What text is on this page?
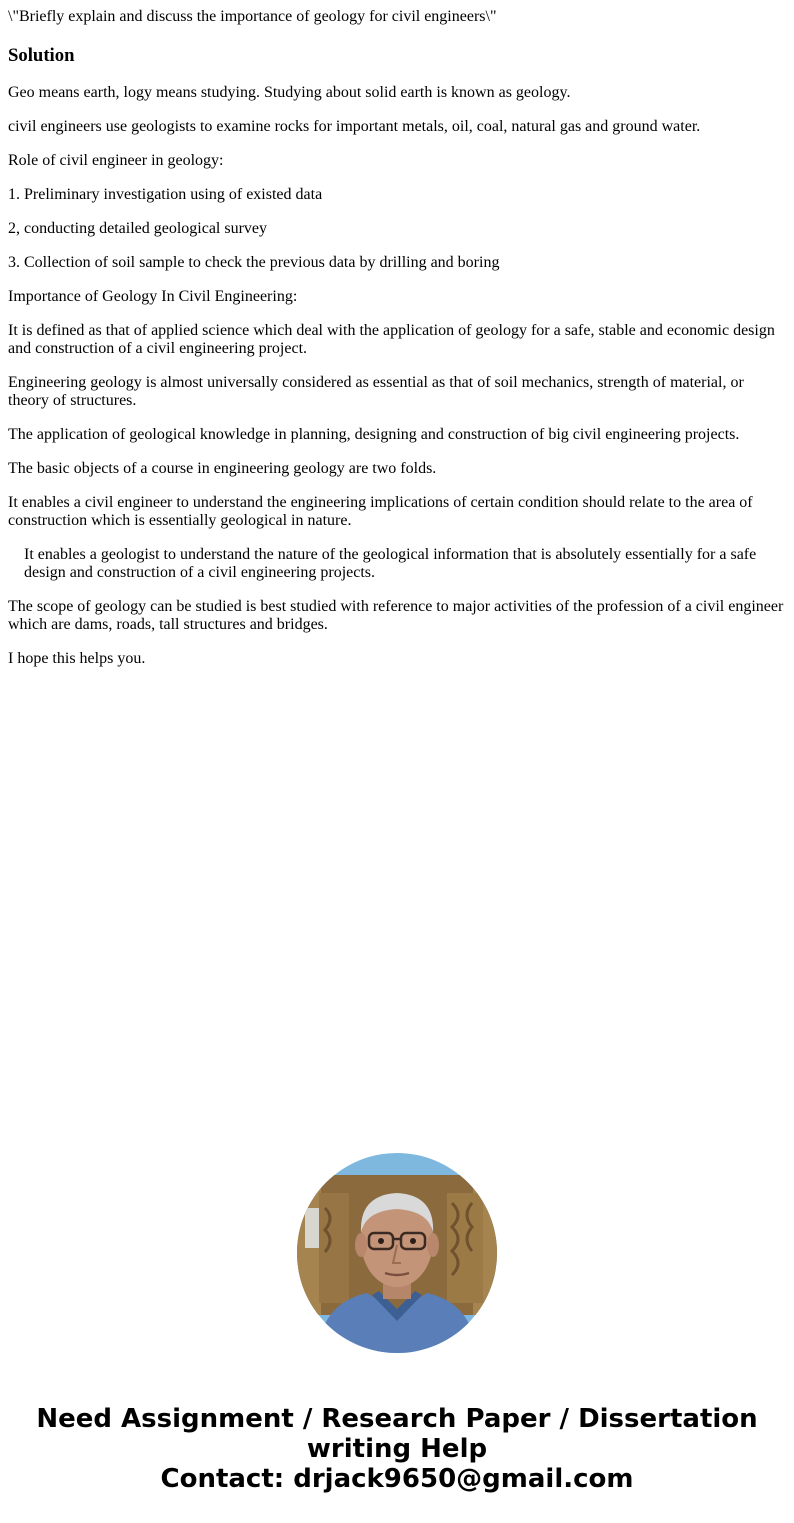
\"Briefly explain and discuss the importance of geology for civil engineers\"

Solution

Geo means earth, logy means studying. Studying about solid earth is known as geology.

civil engineers use geologists to examine rocks for important metals, oil, coal, natural gas and ground water.

Role of civil engineer in geology:

1. Preliminary investigation using of existed data

2, conducting detailed geological survey

3. Collection of soil sample to check the previous data by drilling and boring

Importance of Geology In Civil Engineering:

It is defined as that of applied science which deal with the application of geology for a safe, stable and economic design and construction of a civil engineering project.

Engineering geology is almost universally considered as essential as that of soil mechanics, strength of material, or theory of structures.

The application of geological knowledge in planning, designing and construction of big civil engineering projects.

The basic objects of a course in engineering geology are two folds.

It enables a civil engineer to understand the engineering implications of certain condition should relate to the area of construction which is essentially geological in nature.

It enables a geologist to understand the nature of the geological information that is absolutely essentially for a safe design and construction of a civil engineering projects.

The scope of geology can be studied is best studied with reference to major activities of the profession of a civil engineer which are dams, roads, tall structures and bridges.

I hope this helps you.

Need Assignment / Research Paper / Dissertation
writing Help
Contact: drjack9650@gmail.com
